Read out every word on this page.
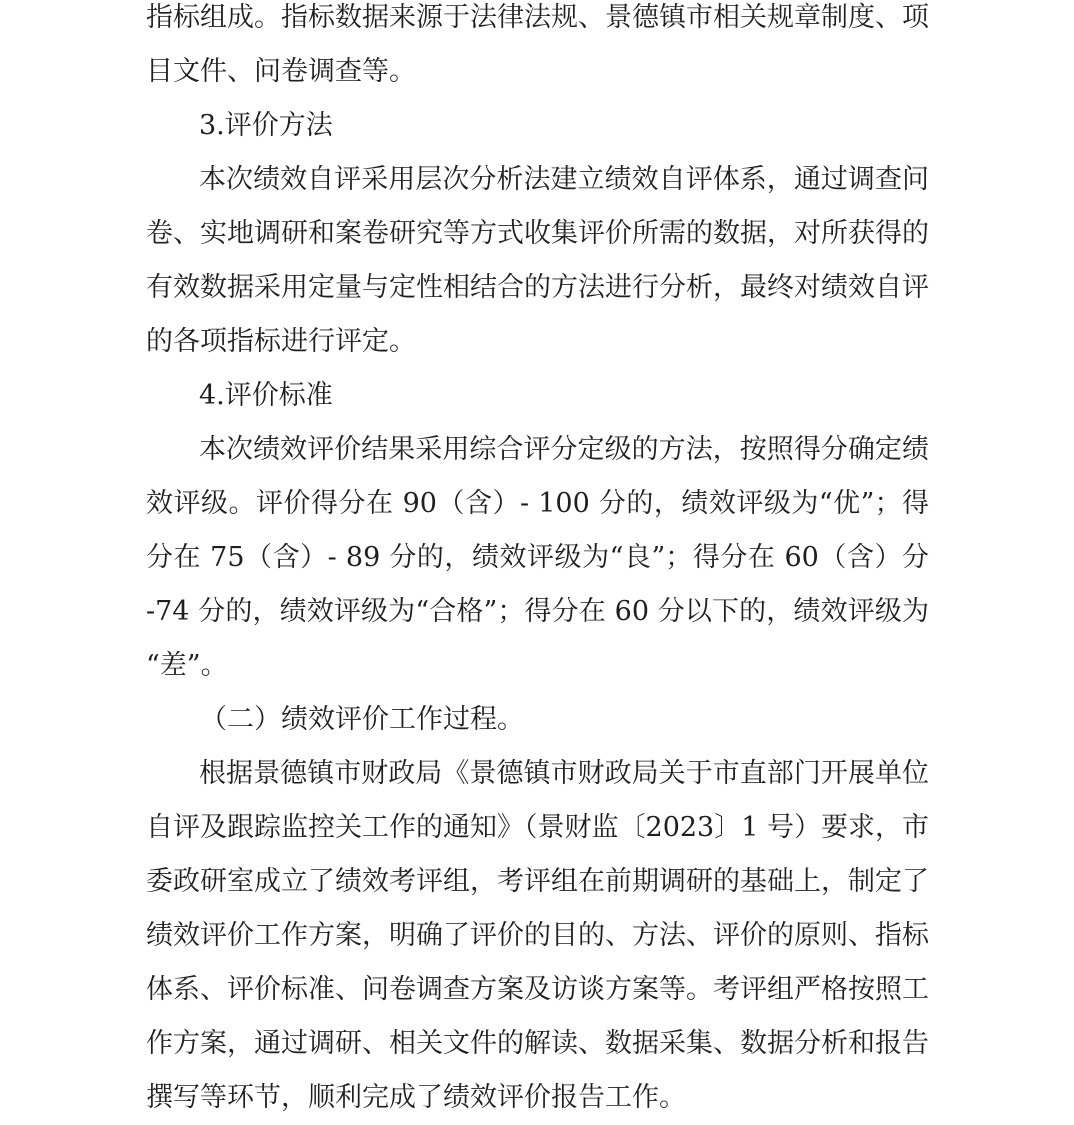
指标组成。指标数据来源于法律法规、景德镇市相关规章制度、项

目文件、问卷调查等。

3.评价方法

本次绩效自评采用层次分析法建立绩效自评体系，通过调查问

卷、实地调研和案卷研究等方式收集评价所需的数据，对所获得的

有效数据采用定量与定性相结合的方法进行分析，最终对绩效自评

的各项指标进行评定。

4.评价标准

本次绩效评价结果采用综合评分定级的方法，按照得分确定绩

效评级。评价得分在 90（含）- 100 分的，绩效评级为“优”；得

分在 75（含）- 89 分的，绩效评级为“良”；得分在 60（含）分

-74 分的，绩效评级为“合格”；得分在 60 分以下的，绩效评级为

“差”。

（二）绩效评价工作过程。

根据景德镇市财政局《景德镇市财政局关于市直部门开展单位

自评及跟踪监控关工作的通知》（景财监〔2023〕1 号）要求，市

委政研室成立了绩效考评组，考评组在前期调研的基础上，制定了

绩效评价工作方案，明确了评价的目的、方法、评价的原则、指标

体系、评价标准、问卷调查方案及访谈方案等。考评组严格按照工

作方案，通过调研、相关文件的解读、数据采集、数据分析和报告

撰写等环节，顺利完成了绩效评价报告工作。
